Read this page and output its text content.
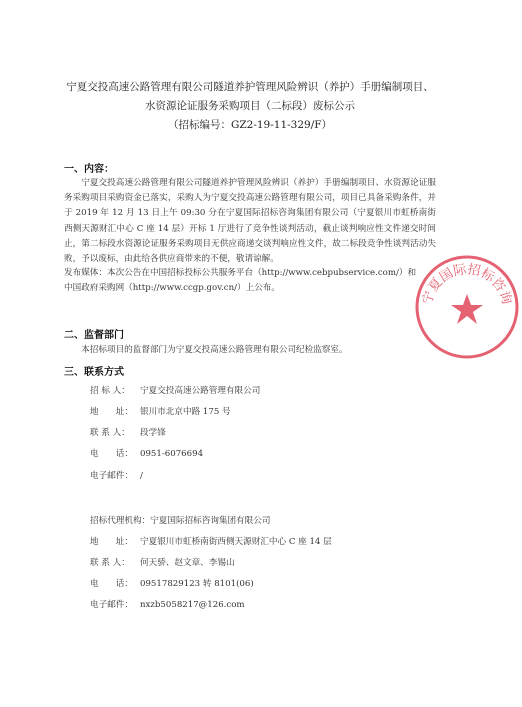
宁夏交投高速公路管理有限公司隧道养护管理风险辨识（养护）手册编制项目、
水资源论证服务采购项目（二标段）废标公示
（招标编号：GZ2-19-11-329/F）
一、内容：

宁夏交投高速公路管理有限公司隧道养护管理风险辨识（养护）手册编制项目、水资源论证服务采购项目采购资金已落实，采购人为宁夏交投高速公路管理有限公司，项目已具备采购条件，并于 2019 年 12 月 13 日上午 09:30 分在宁夏国际招标咨询集团有限公司（宁夏银川市虹桥南街西侧天源财汇中心 C 座 14 层）开标 1 厅进行了竞争性谈判活动，截止谈判响应性文件递交时间止，第二标段水资源论证服务采购项目无供应商递交谈判响应性文件，故二标段竞争性谈判活动失败，予以废标，由此给各供应商带来的不便，敬请谅解。

发布媒体：本次公告在中国招标投标公共服务平台（http://www.cebpubservice.com/）和

中国政府采购网（http://www.ccgp.gov.cn/）上公布。

二、监督部门

本招标项目的监督部门为宁夏交投高速公路管理有限公司纪检监察室。

三、联系方式
招 标 人： 宁夏交投高速公路管理有限公司
地　　址： 银川市北京中路 175 号
联 系 人： 段学锋
电　　话： 0951-6076694
电子邮件： /
招标代理机构：宁夏国际招标咨询集团有限公司
地　　址： 宁夏银川市虹桥南街西侧天源财汇中心 C 座 14 层
联 系 人： 何天骄、赵文章、李锡山
电　　话： 09517829123 转 8101(06)
电子邮件： nxzb5058217@126.com
宁夏国际招标咨询
